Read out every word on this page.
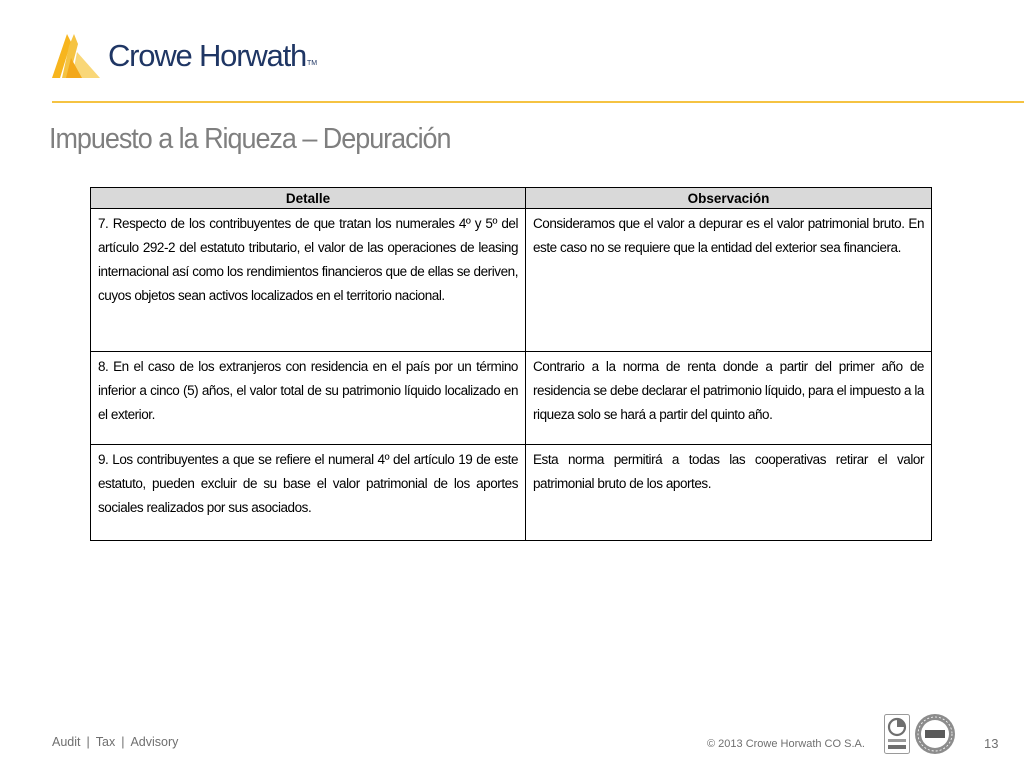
Crowe Horwath TM
Impuesto a la Riqueza – Depuración
Detalle	Observación
7. Respecto de los contribuyentes de que tratan los numerales 4º y 5º del artículo 292-2 del estatuto tributario, el valor de las operaciones de leasing internacional así como los rendimientos financieros que de ellas se deriven, cuyos objetos sean activos localizados en el territorio nacional.	Consideramos que el valor a depurar es el valor patrimonial bruto. En este caso no se requiere que la entidad del exterior sea financiera.
8. En el caso de los extranjeros con residencia en el país por un término inferior a cinco (5) años, el valor total de su patrimonio líquido localizado en el exterior.	Contrario a la norma de renta donde a partir del primer año de residencia se debe declarar el patrimonio líquido, para el impuesto a la riqueza solo se hará a partir del quinto año.
9. Los contribuyentes a que se refiere el numeral 4º del artículo 19 de este estatuto, pueden excluir de su base el valor patrimonial de los aportes sociales realizados por sus asociados.	Esta norma permitirá a todas las cooperativas retirar el valor patrimonial bruto de los aportes.
Audit | Tax | Advisory	© 2013 Crowe Horwath CO S.A.	13
